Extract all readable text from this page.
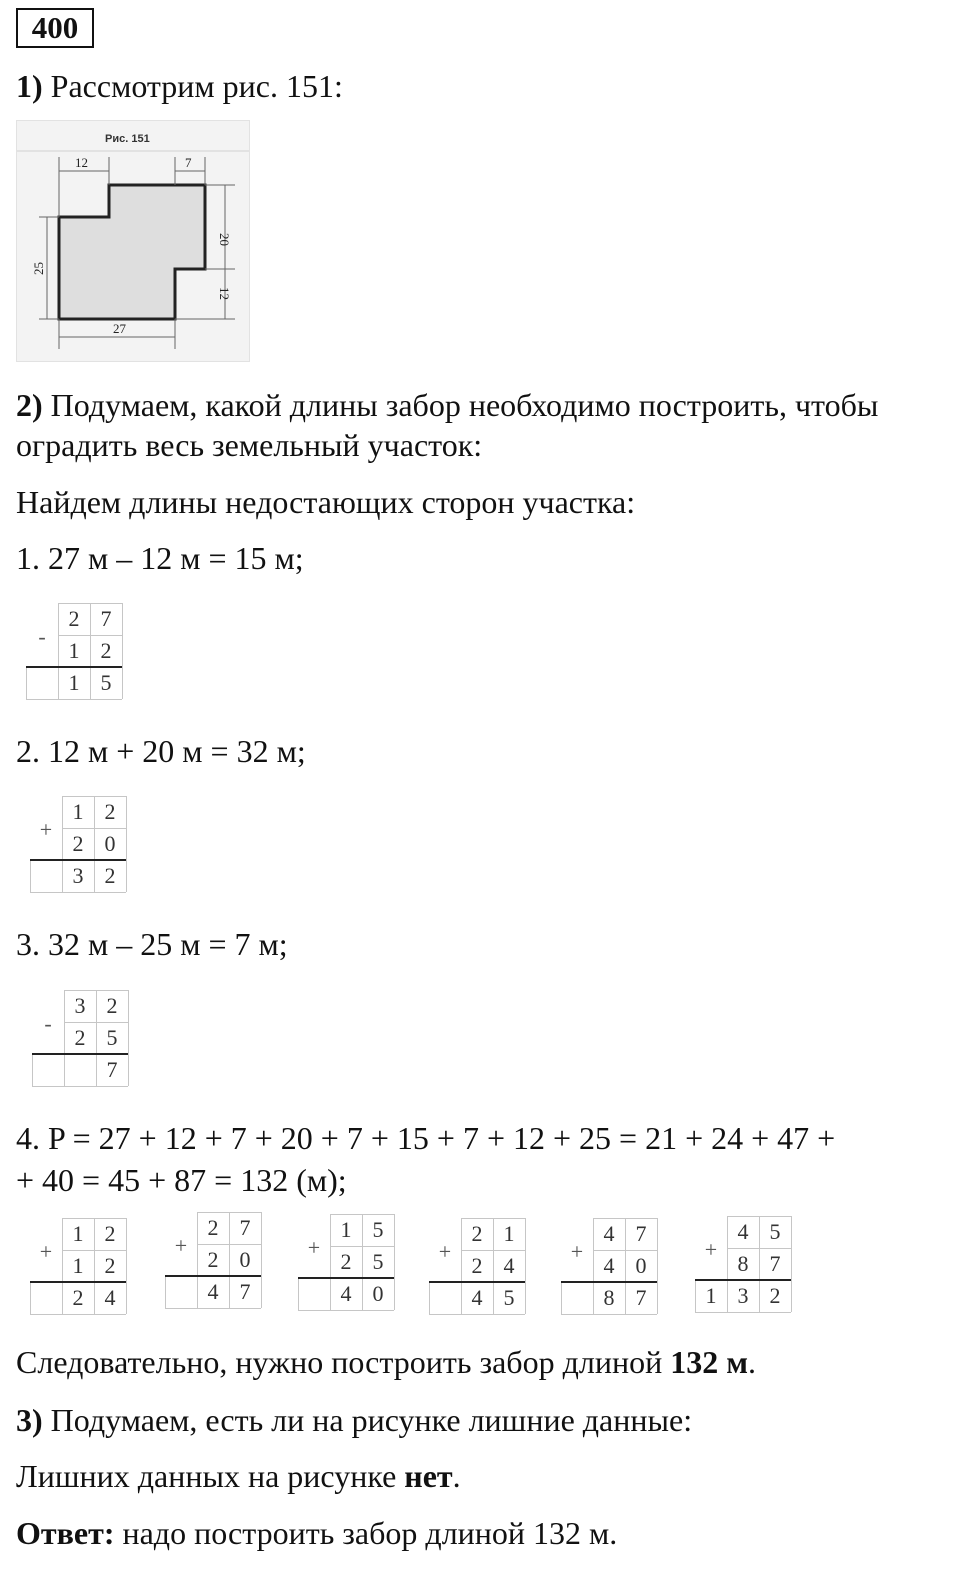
400
1) Рассмотрим рис. 151:
Рис. 151
12	7
27
20
12
25
2) Подумаем, какой длины забор необходимо построить, чтобы
оградить весь земельный участок:
Найдем длины недостающих сторон участка:
1. 27 м – 12 м = 15 м;
-
2 7
1 2
1 5
2. 12 м + 20 м = 32 м;
+
1 2
2 0
3 2
3. 32 м – 25 м = 7 м;
-
3 2
2 5
7
4. P = 27 + 12 + 7 + 20 + 7 + 15 + 7 + 12 + 25 = 21 + 24 + 47 +
+ 40 = 45 + 87 = 132 (м);
+
1 2
1 2
2 4
+
2 7
2 0
4 7
+
1 5
2 5
4 0
+
2 1
2 4
4 5
+
4 7
4 0
8 7
+
4 5
8 7
1 3 2
Следовательно, нужно построить забор длиной 132 м.
3) Подумаем, есть ли на рисунке лишние данные:
Лишних данных на рисунке нет.
Ответ: надо построить забор длиной 132 м.
